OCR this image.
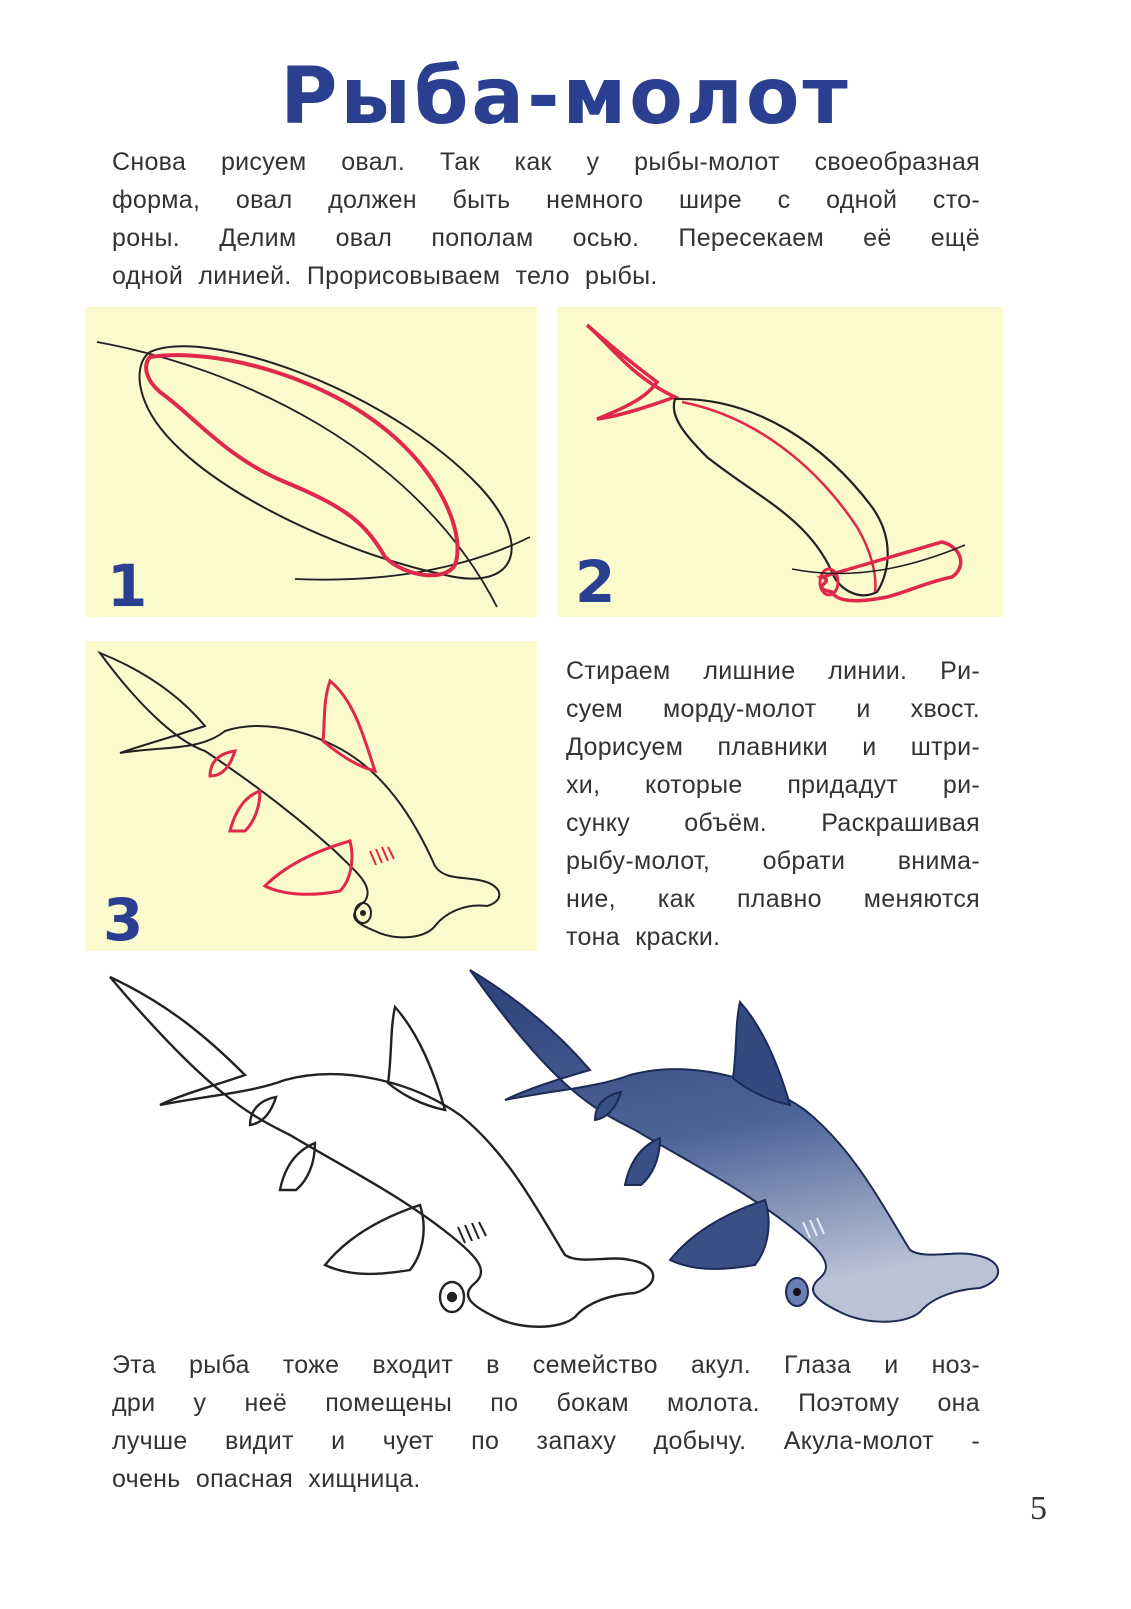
Рыба-молот
Снова рисуем овал. Так как у рыбы-молот своеобразная
форма, овал должен быть немного шире с одной сто-
роны. Делим овал пополам осью. Пересекаем её ещё
одной линией. Прорисовываем тело рыбы.
1	2
3
Стираем лишние линии. Ри-
суем морду-молот и хвост.
Дорисуем плавники и штри-
хи, которые придадут ри-
сунку объём. Раскрашивая
рыбу-молот, обрати внима-
ние, как плавно меняются
тона краски.
Эта рыба тоже входит в семейство акул. Глаза и ноз-
дри у неё помещены по бокам молота. Поэтому она
лучше видит и чует по запаху добычу. Акула-молот -
очень опасная хищница.
5
